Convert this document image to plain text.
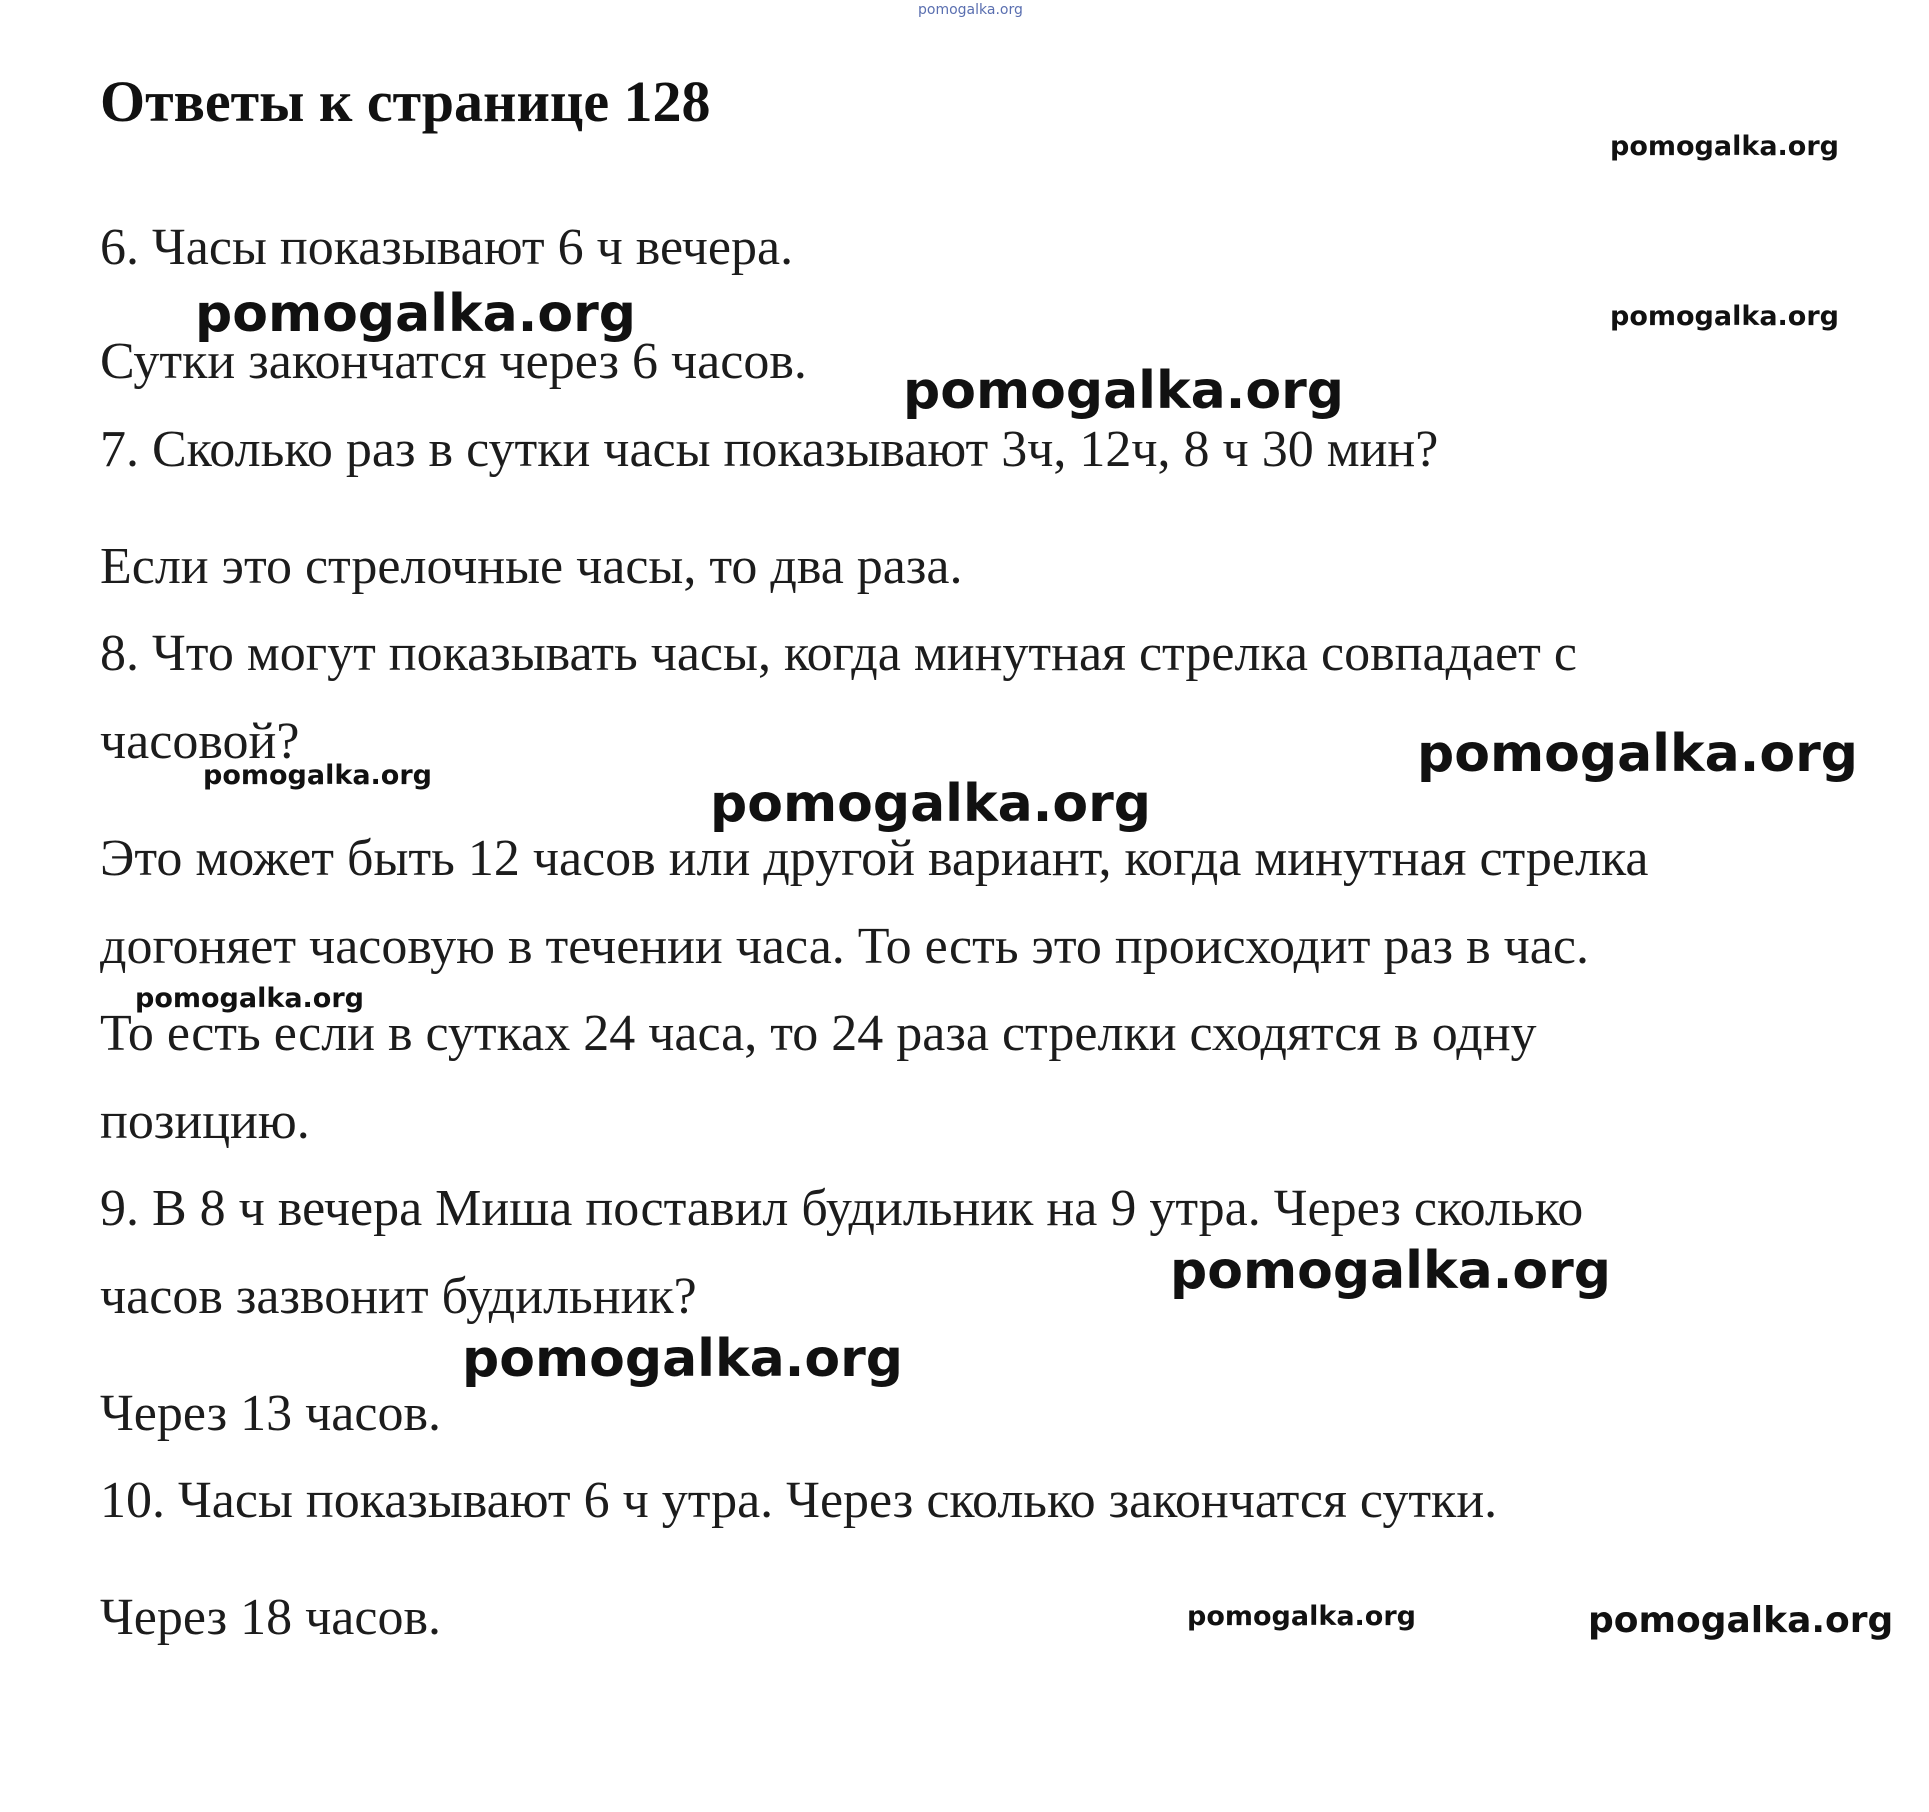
pomogalka.org
Ответы к странице 128
pomogalka.org
pomogalka.org
pomogalka.org
pomogalka.org
pomogalka.org
pomogalka.org	pomogalka.org
pomogalka.org
pomogalka.org
pomogalka.org
pomogalka.org	pomogalka.org
6. Часы показывают 6 ч вечера.
Сутки закончатся через 6 часов.
7. Сколько раз в сутки часы показывают 3ч, 12ч, 8 ч 30 мин?
Если это стрелочные часы, то два раза.
8. Что могут показывать часы, когда минутная стрелка совпадает с
часовой?
Это может быть 12 часов или другой вариант, когда минутная стрелка
догоняет часовую в течении часа. То есть это происходит раз в час.
То есть если в сутках 24 часа, то 24 раза стрелки сходятся в одну
позицию.
9. В 8 ч вечера Миша поставил будильник на 9 утра. Через сколько
часов зазвонит будильник?
Через 13 часов.
10. Часы показывают 6 ч утра. Через сколько закончатся сутки.
Через 18 часов.
